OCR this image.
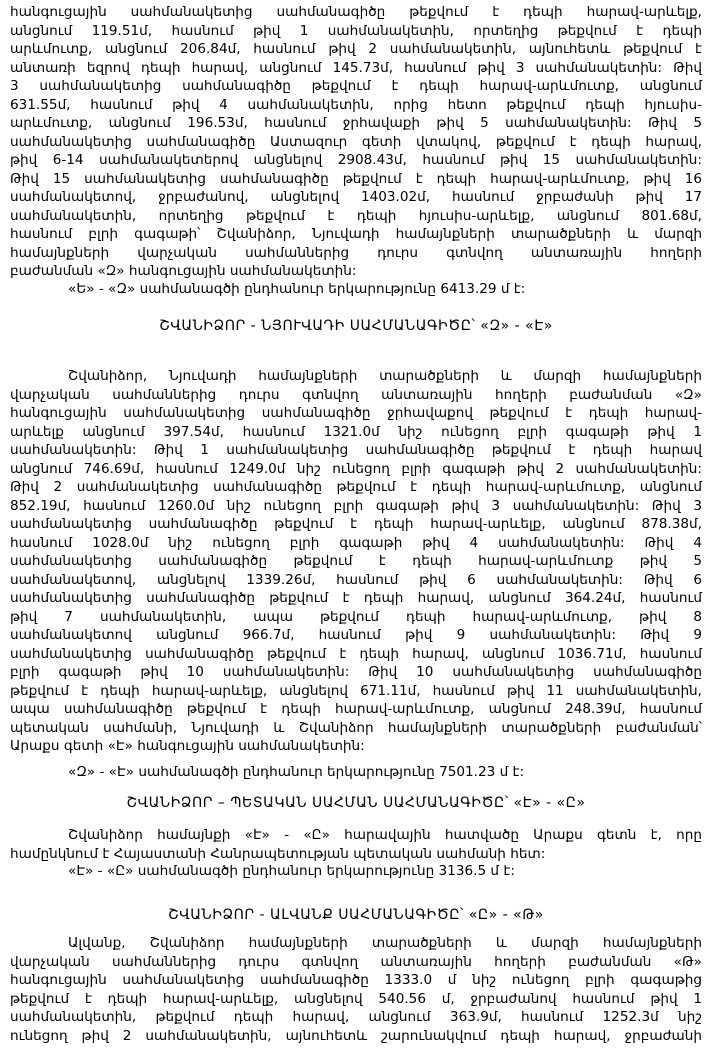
հանգուցային սահմանակետից սահմանագիծը թեքվում է դեպի հարավ-արևելք,
անցնում 119.51մ, հասնում թիվ 1 սահմանակետին, որտեղից թեքվում է դեպի
արևմուտք, անցնում 206.84մ, հասնում թիվ 2 սահմանակետին, այնուհետև թեքվում է
անտառի եզրով դեպի հարավ, անցնում 145.73մ, հասնում թիվ 3 սահմանակետին: Թիվ
3 սահմանակետից սահմանագիծը թեքվում է դեպի հարավ-արևմուտք, անցնում
631.55մ, հասնում թիվ 4 սահմանակետին, որից հետո թեքվում դեպի հյուսիս-
արևմուտք, անցնում 196.53մ, հասնում ջրհավաքի թիվ 5 սահմանակետին: Թիվ 5
սահմանակետից սահմանագիծը Աստազուր գետի վտակով, թեքվում է դեպի հարավ,
թիվ 6-14 սահմանակետերով անցնելով 2908.43մ, հասնում թիվ 15 սահմանակետին:
Թիվ 15 սահմանակետից սահմանագիծը թեքվում է դեպի հարավ-արևմուտք, թիվ 16
սահմանակետով, ջրբաժանով, անցնելով 1403.02մ, հասնում ջրբաժանի թիվ 17
սահմանակետին, որտեղից թեքվում է դեպի հյուսիս-արևելք, անցնում 801.68մ,
հասնում բլրի գագաթի՝ Շվանիձոր, Նյուվադի համայնքների տարածքների և մարզի
համայնքների վարչական սահմաններից դուրս գտնվող անտառային հողերի
բաժանման «Զ» հանգուցային սահմանակետին:
«Ե» - «Զ» սահմանագծի ընդհանուր երկարությունը 6413.29 մ է:
ՇՎԱՆԻՁՈՐ - ՆՅՈՒՎԱԴԻ ՍԱՀՄԱՆԱԳԻԾԸ՝ «Զ» - «Է»
Շվանիձոր, Նյուվադի համայնքների տարածքների և մարզի համայնքների
վարչական սահմաններից դուրս գտնվող անտառային հողերի բաժանման «Զ»
հանգուցային սահմանակետից սահմանագիծը ջրհավաքով թեքվում է դեպի հարավ-
արևելք անցնում 397.54մ, հասնում 1321.0մ նիշ ունեցող բլրի գագաթի թիվ 1
սահմանակետին: Թիվ 1 սահմանակետից սահմանագիծը թեքվում է դեպի հարավ
անցնում 746.69մ, հասնում 1249.0մ նիշ ունեցող բլրի գագաթի թիվ 2 սահմանակետին:
Թիվ 2 սահմանակետից սահմանագիծը թեքվում է դեպի հարավ-արևմուտք, անցնում
852.19մ, հասնում 1260.0մ նիշ ունեցող բլրի գագաթի թիվ 3 սահմանակետին: Թիվ 3
սահմանակետից սահմանագիծը թեքվում է դեպի հարավ-արևելք, անցնում 878.38մ,
հասնում 1028.0մ նիշ ունեցող բլրի գագաթի թիվ 4 սահմանակետին: Թիվ 4
սահմանակետից սահմանագիծը թեքվում է դեպի հարավ-արևմուտք թիվ 5
սահմանակետով, անցնելով 1339.26մ, հասնում թիվ 6 սահմանակետին: Թիվ 6
սահմանակետից սահմանագիծը թեքվում է դեպի հարավ, անցնում 364.24մ, հասնում
թիվ 7 սահմանակետին, ապա թեքվում դեպի հարավ-արևմուտք, թիվ 8
սահմանակետով անցնում 966.7մ, հասնում թիվ 9 սահմանակետին: Թիվ 9
սահմանակետից սահմանագիծը թեքվում է դեպի հարավ, անցնում 1036.71մ, հասնում
բլրի գագաթի թիվ 10 սահմանակետին: Թիվ 10 սահմանակետից սահմանագիծը
թեքվում է դեպի հարավ-արևելք, անցնելով 671.11մ, հասնում թիվ 11 սահմանակետին,
ապա սահմանագիծը թեքվում է դեպի հարավ-արևմուտք, անցնում 248.39մ, հասնում
պետական սահմանի, Նյուվադի և Շվանիձոր համայնքների տարածքների բաժանման՝
Արաքս գետի «Է» հանգուցային սահմանակետին:
«Զ» - «Է» սահմանագծի ընդհանուր երկարությունը 7501.23 մ է:
ՇՎԱՆԻՁՈՐ – ՊԵՏԱԿԱՆ ՍԱՀՄԱՆ ՍԱՀՄԱՆԱԳԻԾԸ՝ «Է» - «Ը»
Շվանիձոր համայնքի «Է» - «Ը» հարավային հատվածը Արաքս գետն է, որը
համընկնում է Հայաստանի Հանրապետության պետական սահմանի հետ:
«Է» - «Ը» սահմանագծի ընդհանուր երկարությունը 3136.5 մ է:
ՇՎԱՆԻՁՈՐ - ԱԼՎԱՆՔ ՍԱՀՄԱՆԱԳԻԾԸ՝ «Ը» - «Թ»
Ալվանք, Շվանիձոր համայնքների տարածքների և մարզի համայնքների
վարչական սահմաններից դուրս գտնվող անտառային հողերի բաժանման «Թ»
հանգուցային սահմանակետից սահմանագիծը 1333.0 մ նիշ ունեցող բլրի գագաթից
թեքվում է դեպի հարավ-արևելք, անցնելով 540.56 մ, ջրբաժանով հասնում թիվ 1
սահմանակետին, թեքվում դեպի հարավ, անցնում 363.9մ, հասնում 1252.3մ նիշ
ունեցող թիվ 2 սահմանակետին, այնուհետև շարունակվում դեպի հարավ, ջրբաժանի
